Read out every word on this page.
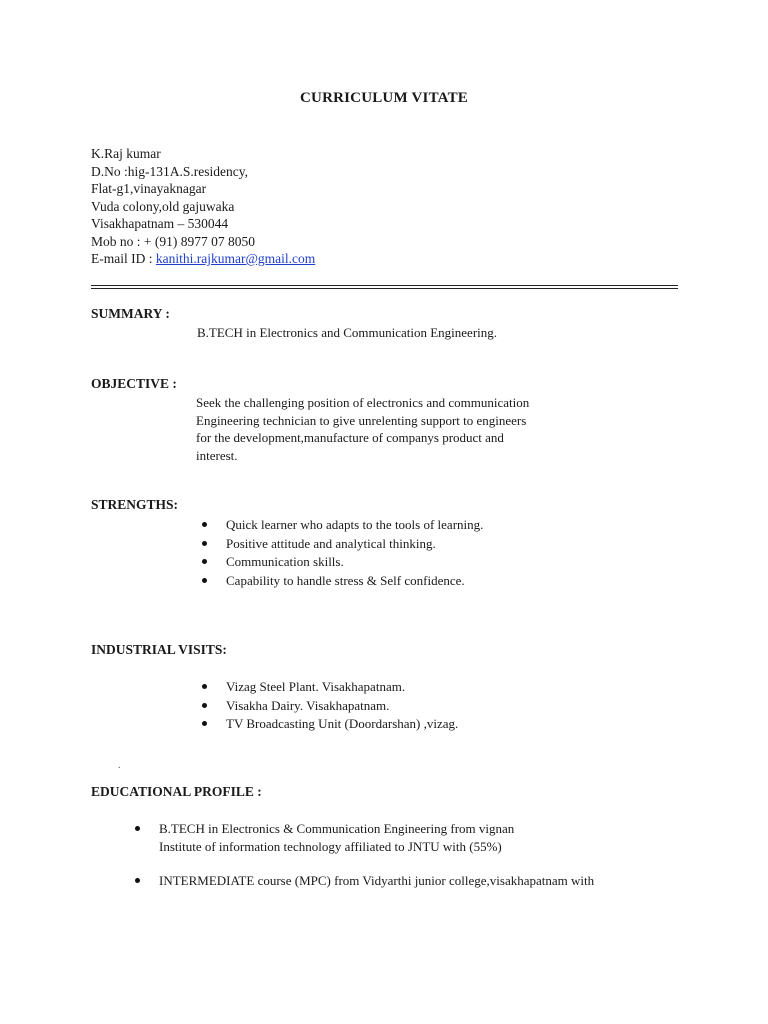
CURRICULUM VITATE
K.Raj kumar
D.No :hig-131A.S.residency,
Flat-g1,vinayaknagar
Vuda colony,old gajuwaka
Visakhapatnam – 530044
Mob no : + (91) 8977 07 8050
E-mail ID : kanithi.rajkumar@gmail.com
SUMMARY :
B.TECH in Electronics and Communication Engineering.
OBJECTIVE :
Seek the challenging position of electronics and communication
Engineering technician to give unrelenting support to engineers
for the development,manufacture of companys product and
interest.
STRENGTHS:
Quick learner who adapts to the tools of learning.
Positive attitude and analytical thinking.
Communication skills.
Capability to handle stress & Self confidence.
INDUSTRIAL VISITS:
Vizag Steel Plant. Visakhapatnam.
Visakha Dairy. Visakhapatnam.
TV Broadcasting Unit (Doordarshan) ,vizag.
.
EDUCATIONAL PROFILE :
B.TECH in Electronics & Communication Engineering from vignan
Institute of information technology affiliated to JNTU with (55%)
INTERMEDIATE course (MPC) from Vidyarthi junior college,visakhapatnam with
